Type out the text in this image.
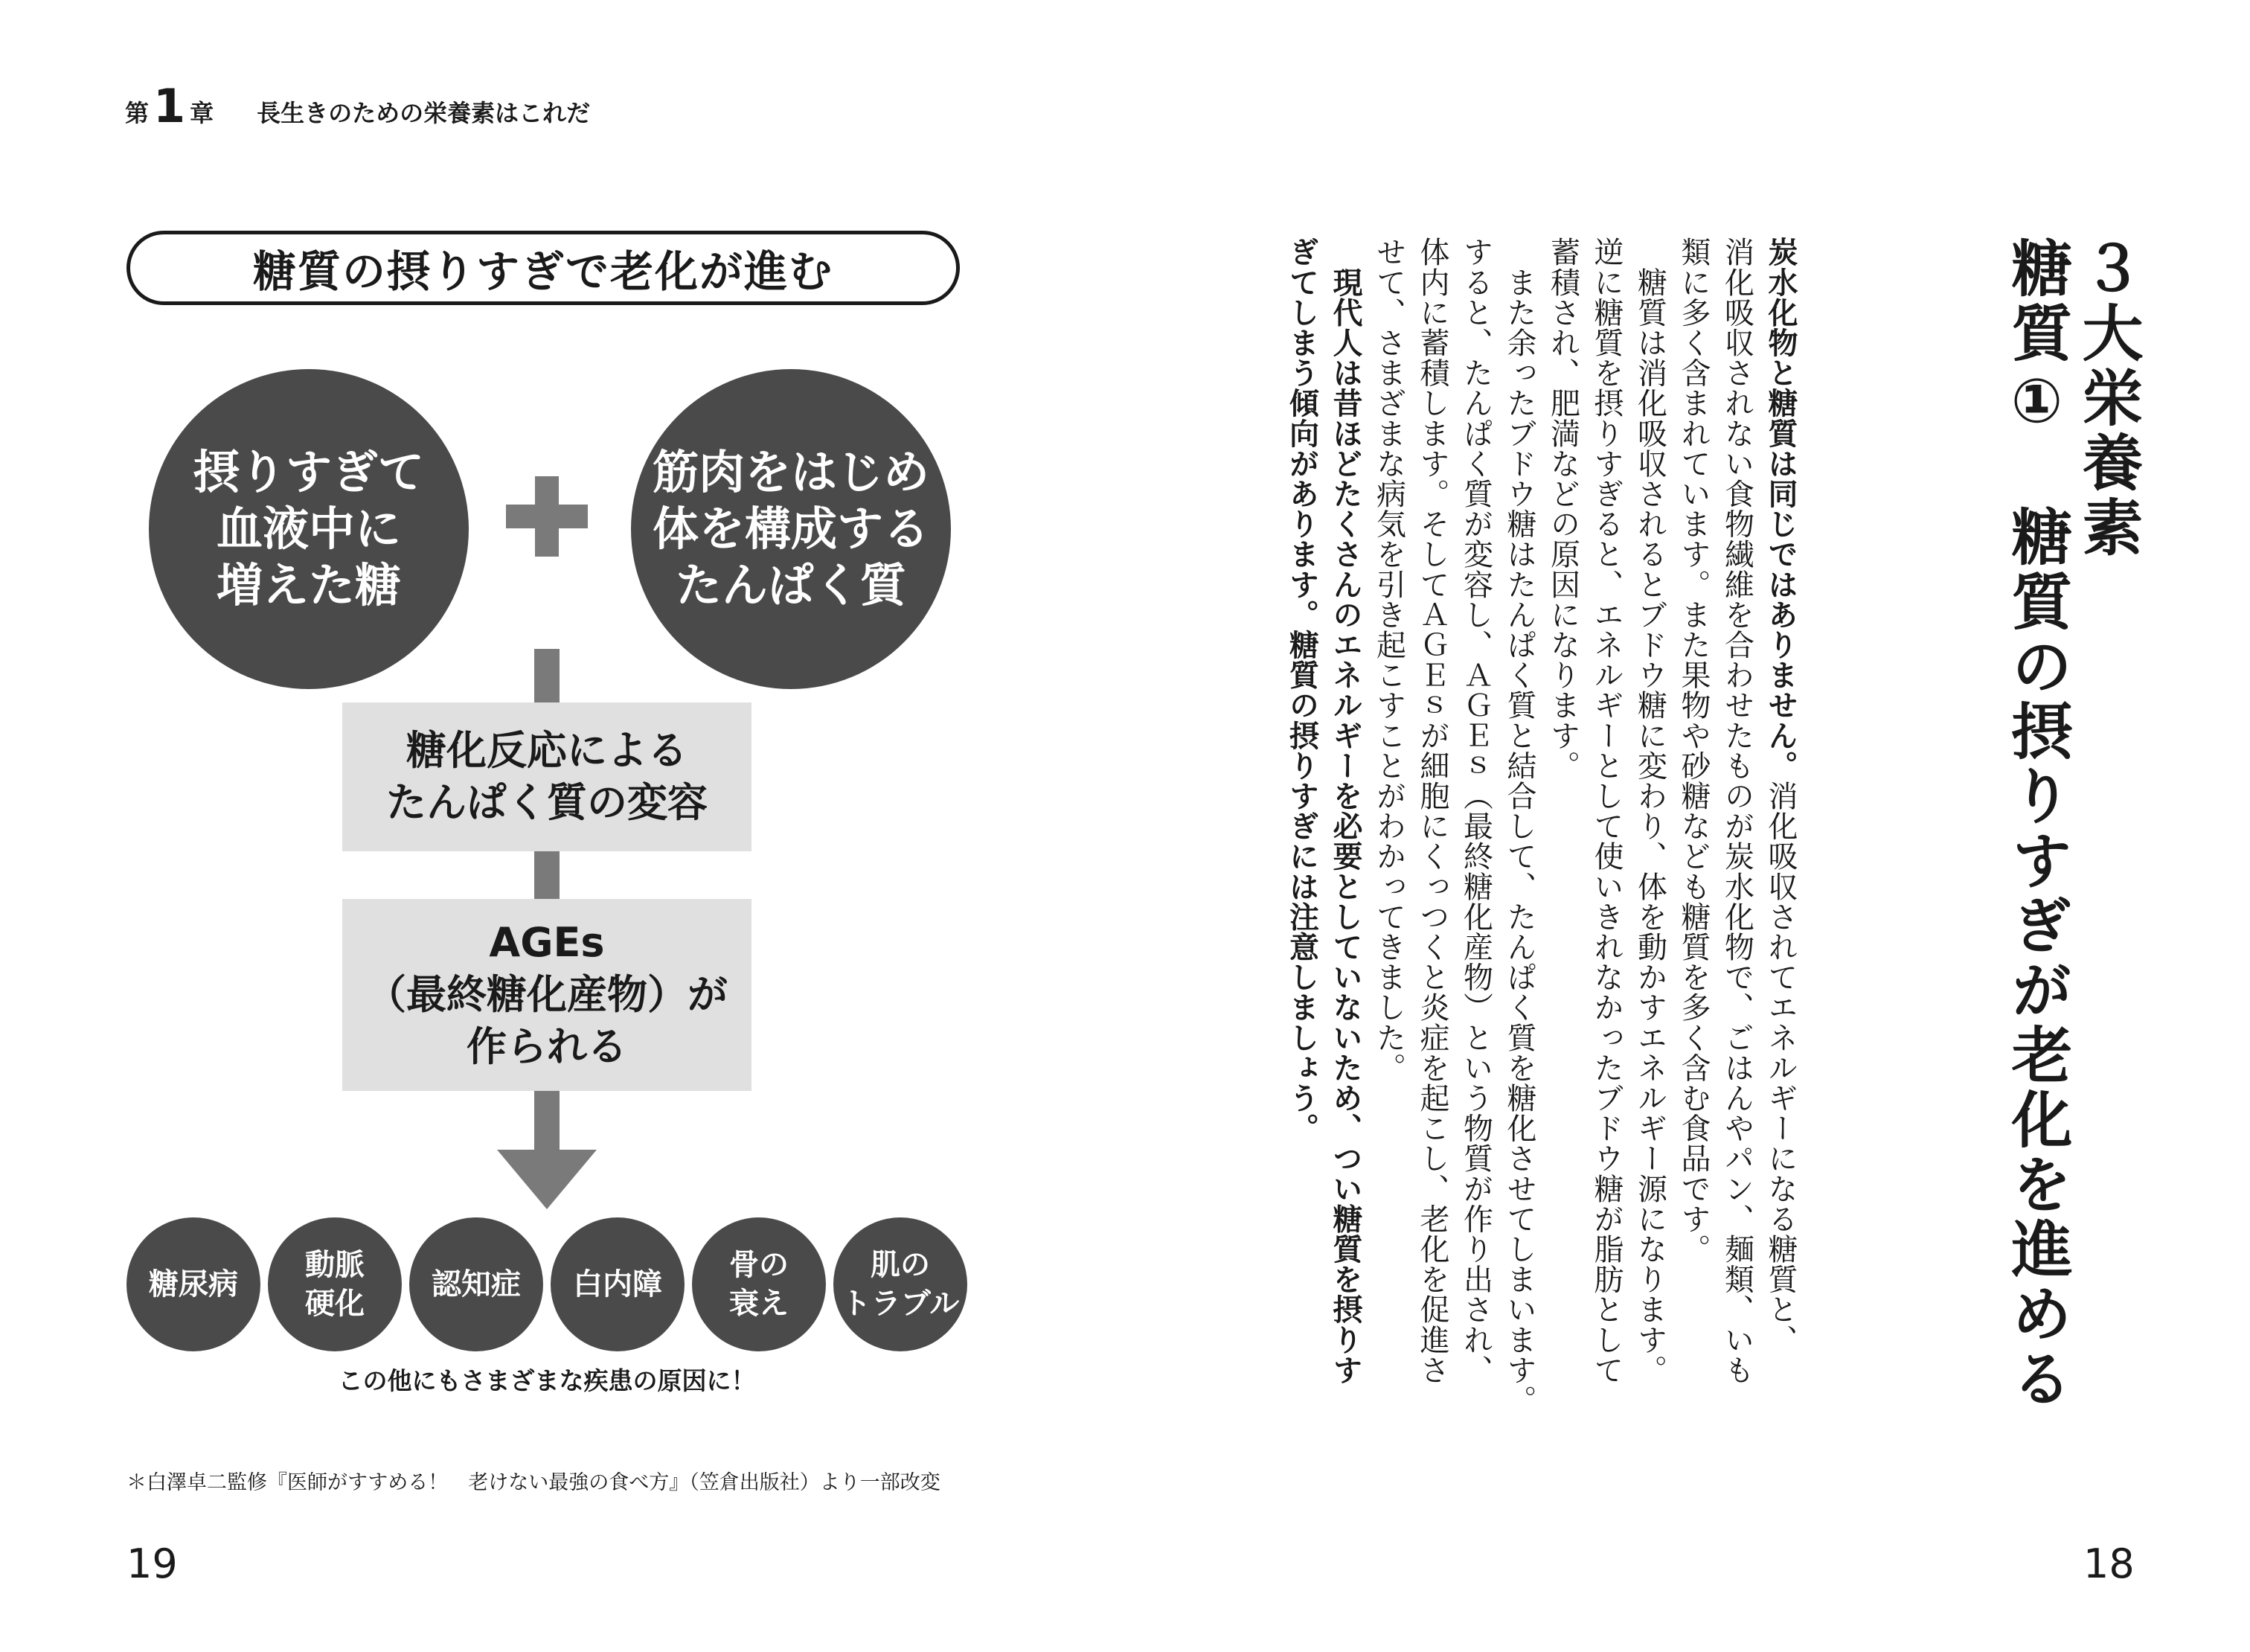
第 1 章 長生きのための栄養素はこれだ
糖質の摂りすぎで老化が進む
摂りすぎて
血液中に
増えた糖
筋肉をはじめ
体を構成する
たんぱく質
糖化反応による
たんぱく質の変容
AGEs
（最終糖化産物）が
作られる
糖尿病
動脈
硬化
認知症	白内障
骨の
衰え
肌の
トラブル
この他にもさまざまな疾患の原因に！
＊白澤卓二監修『医師がすすめる！　老けない最強の食べ方』（笠倉出版社）より一部改変
19
３大栄養素
糖質①　糖質の摂りすぎが老化を進める
炭水化物と糖質は同じではありません。消化吸収されてエネルギーになる糖質と、
消化吸収されない食物繊維を合わせたものが炭水化物で、ごはんやパン、麺類、いも
類に多く含まれています。また果物や砂糖なども糖質を多く含む食品です。
　糖質は消化吸収されるとブドウ糖に変わり、体を動かすエネルギー源になります。
逆に糖質を摂りすぎると、エネルギーとして使いきれなかったブドウ糖が脂肪として
蓄積され、肥満などの原因になります。
　また余ったブドウ糖はたんぱく質と結合して、たんぱく質を糖化させてしまいます。
すると、たんぱく質が変容し、ＡＧＥｓ（最終糖化産物）という物質が作り出され、
体内に蓄積します。そしてＡＧＥｓが細胞にくっつくと炎症を起こし、老化を促進さ
せて、さまざまな病気を引き起こすことがわかってきました。
　現代人は昔ほどたくさんのエネルギーを必要としていないため、つい糖質を摂りす
ぎてしまう傾向があります。糖質の摂りすぎには注意しましょう。
18
